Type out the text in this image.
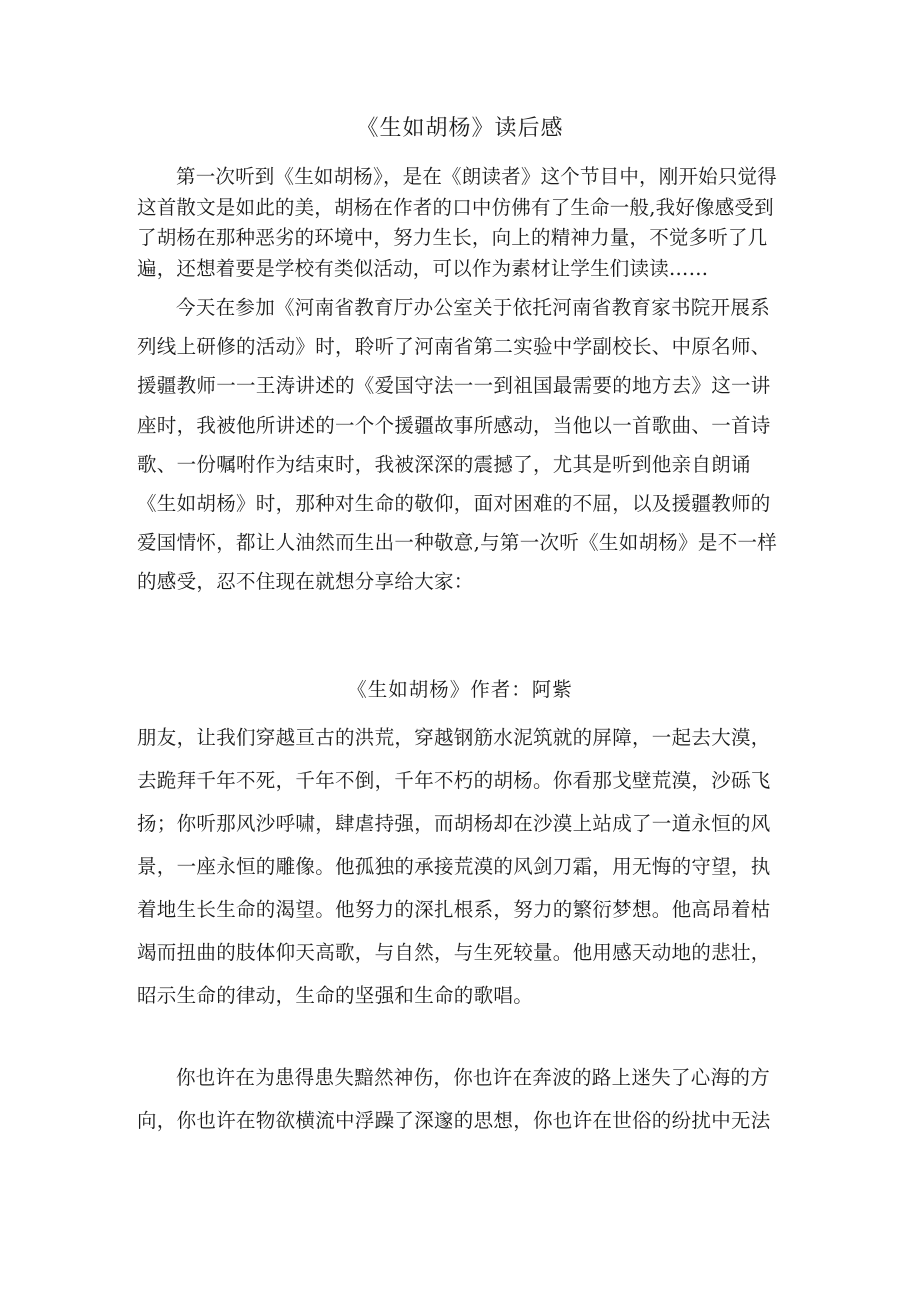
《生如胡杨》读后感

第一次听到《生如胡杨》，是在《朗读者》这个节目中，刚开始只觉得这首散文是如此的美，胡杨在作者的口中仿佛有了生命一般,我好像感受到了胡杨在那种恶劣的环境中，努力生长，向上的精神力量，不觉多听了几遍，还想着要是学校有类似活动，可以作为素材让学生们读读……

今天在参加《河南省教育厅办公室关于依托河南省教育家书院开展系列线上研修的活动》时，聆听了河南省第二实验中学副校长、中原名师、援疆教师一一王涛讲述的《爱国守法一一到祖国最需要的地方去》这一讲座时，我被他所讲述的一个个援疆故事所感动，当他以一首歌曲、一首诗歌、一份嘱咐作为结束时，我被深深的震撼了，尤其是听到他亲自朗诵《生如胡杨》时，那种对生命的敬仰，面对困难的不屈，以及援疆教师的爱国情怀，都让人油然而生出一种敬意,与第一次听《生如胡杨》是不一样的感受，忍不住现在就想分享给大家：

《生如胡杨》作者：阿紫

朋友，让我们穿越亘古的洪荒，穿越钢筋水泥筑就的屏障，一起去大漠，去跪拜千年不死，千年不倒，千年不朽的胡杨。你看那戈壁荒漠，沙砾飞扬；你听那风沙呼啸，肆虐持强，而胡杨却在沙漠上站成了一道永恒的风景，一座永恒的雕像。他孤独的承接荒漠的风剑刀霜，用无悔的守望，执着地生长生命的渴望。他努力的深扎根系，努力的繁衍梦想。他高昂着枯竭而扭曲的肢体仰天高歌，与自然，与生死较量。他用感天动地的悲壮，昭示生命的律动，生命的坚强和生命的歌唱。

你也许在为患得患失黯然神伤，你也许在奔波的路上迷失了心海的方向，你也许在物欲横流中浮躁了深邃的思想，你也许在世俗的纷扰中无法
